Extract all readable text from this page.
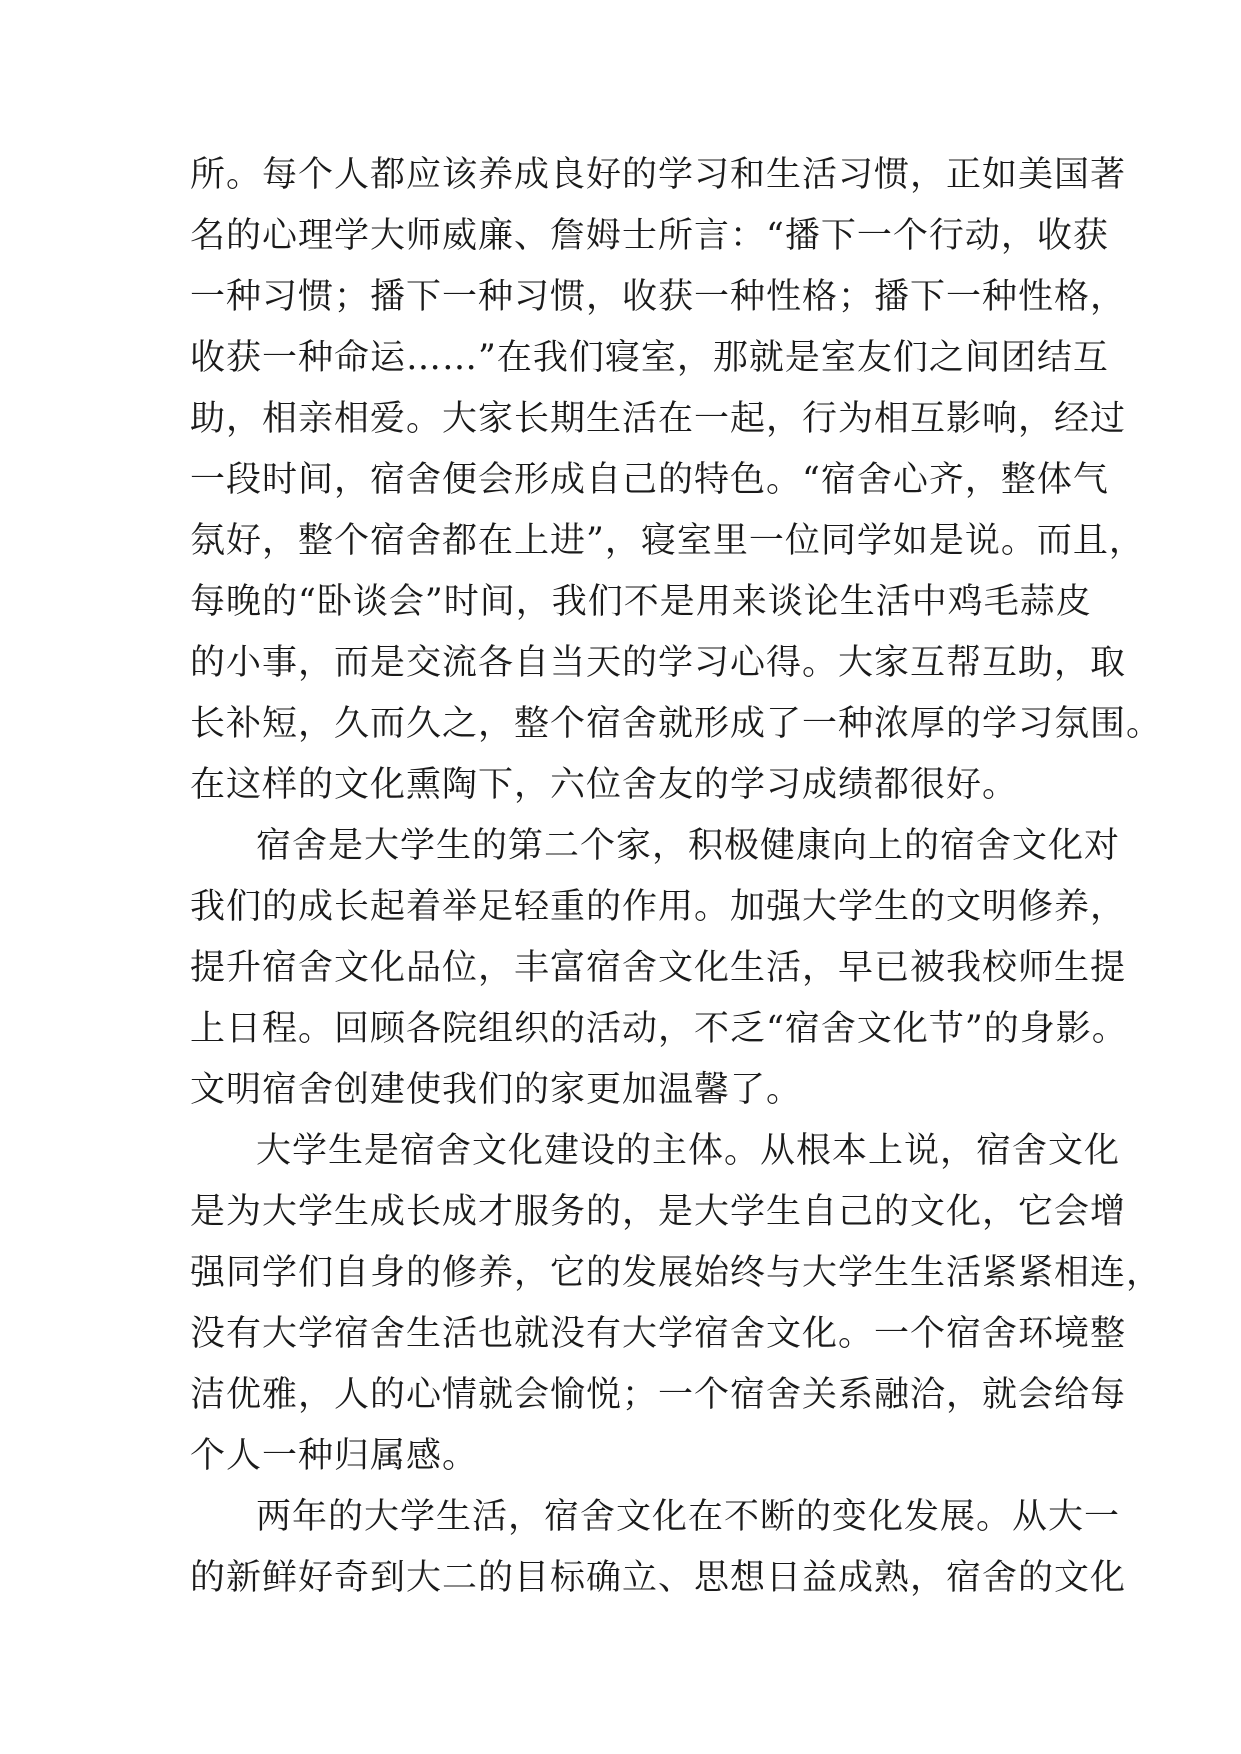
所。每个人都应该养成良好的学习和生活习惯，正如美国著
名的心理学大师威廉、詹姆士所言：“播下一个行动，收获
一种习惯；播下一种习惯，收获一种性格；播下一种性格，
收获一种命运……”在我们寝室，那就是室友们之间团结互
助，相亲相爱。大家长期生活在一起，行为相互影响，经过
一段时间，宿舍便会形成自己的特色。“宿舍心齐，整体气
氛好，整个宿舍都在上进”，寝室里一位同学如是说。而且，
每晚的“卧谈会”时间，我们不是用来谈论生活中鸡毛蒜皮
的小事，而是交流各自当天的学习心得。大家互帮互助，取
长补短，久而久之，整个宿舍就形成了一种浓厚的学习氛围。
在这样的文化熏陶下，六位舍友的学习成绩都很好。
宿舍是大学生的第二个家，积极健康向上的宿舍文化对
我们的成长起着举足轻重的作用。加强大学生的文明修养，
提升宿舍文化品位，丰富宿舍文化生活，早已被我校师生提
上日程。回顾各院组织的活动，不乏“宿舍文化节”的身影。
文明宿舍创建使我们的家更加温馨了。
大学生是宿舍文化建设的主体。从根本上说，宿舍文化
是为大学生成长成才服务的，是大学生自己的文化，它会增
强同学们自身的修养，它的发展始终与大学生生活紧紧相连，
没有大学宿舍生活也就没有大学宿舍文化。一个宿舍环境整
洁优雅，人的心情就会愉悦；一个宿舍关系融洽，就会给每
个人一种归属感。
两年的大学生活，宿舍文化在不断的变化发展。从大一
的新鲜好奇到大二的目标确立、思想日益成熟，宿舍的文化
